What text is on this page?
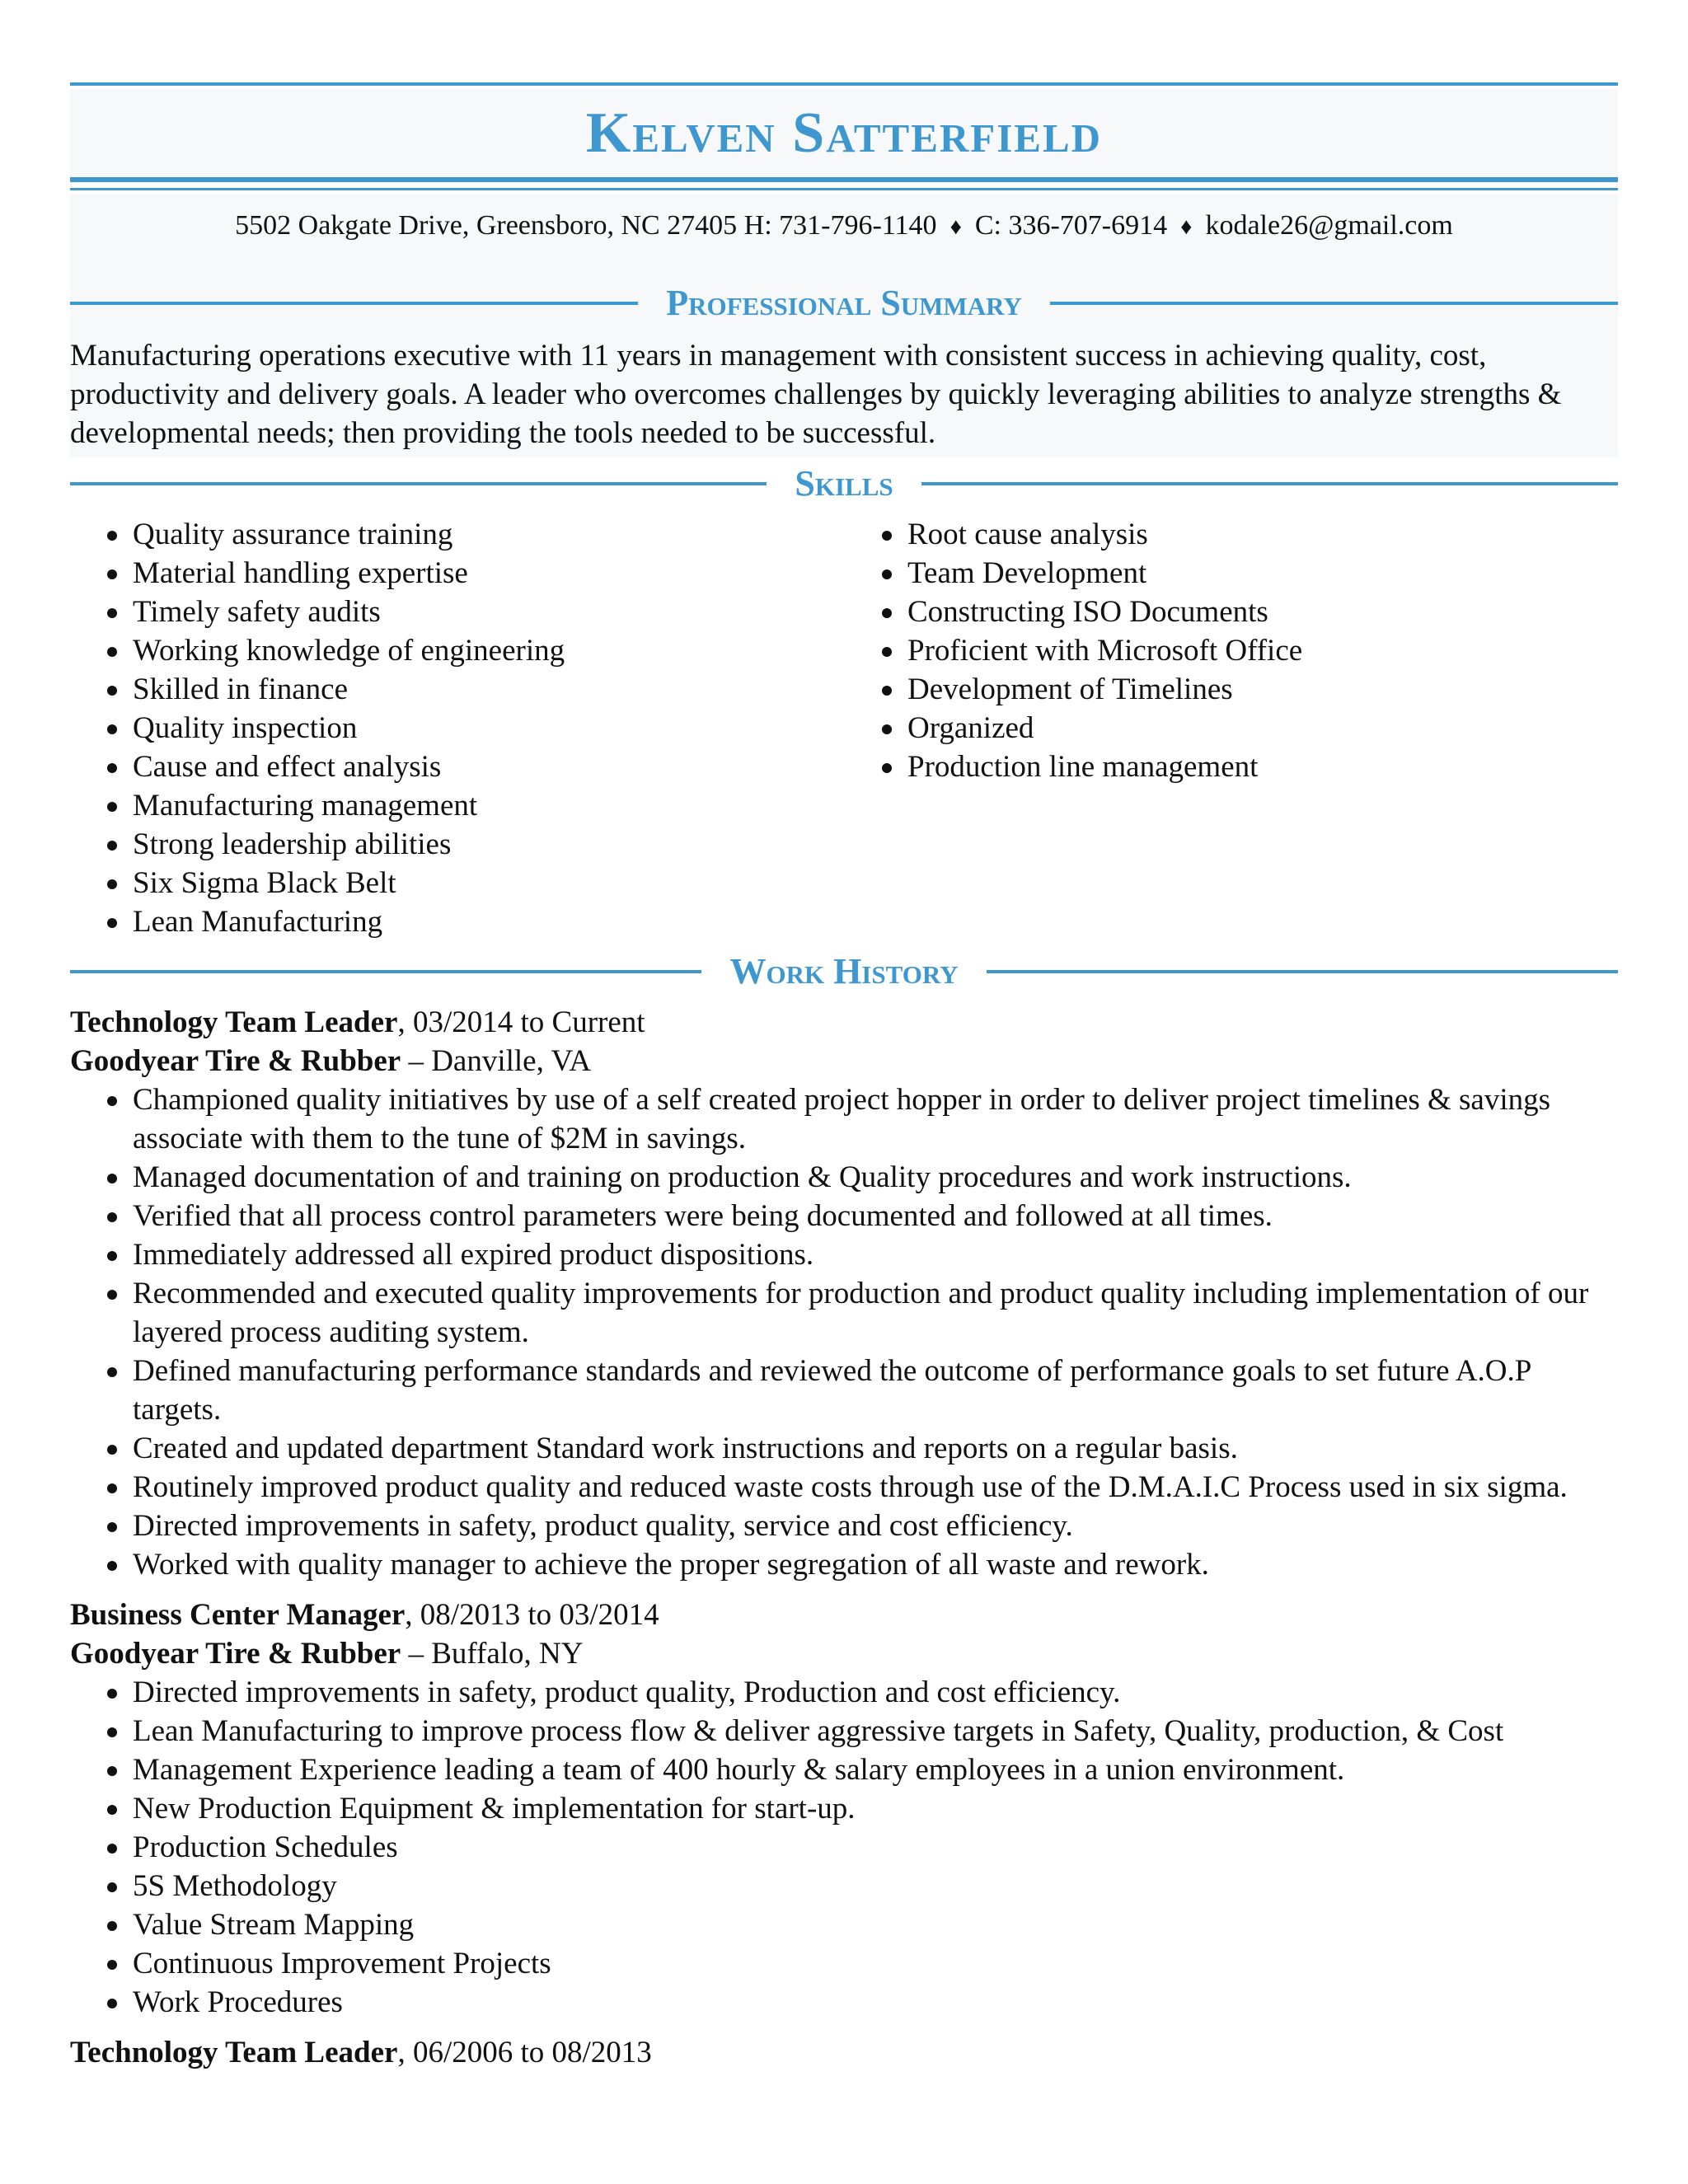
Kelven Satterfield
5502 Oakgate Drive, Greensboro, NC 27405 H: 731-796-1140 ♦ C: 336-707-6914 ♦ kodale26@gmail.com
Professional Summary

Manufacturing operations executive with 11 years in management with consistent success in achieving quality, cost, productivity and delivery goals. A leader who overcomes challenges by quickly leveraging abilities to analyze strengths & developmental needs; then providing the tools needed to be successful.

Skills
Quality assurance training
Material handling expertise
Timely safety audits
Working knowledge of engineering
Skilled in finance
Quality inspection
Cause and effect analysis
Manufacturing management
Strong leadership abilities
Six Sigma Black Belt
Lean Manufacturing
Root cause analysis
Team Development
Constructing ISO Documents
Proficient with Microsoft Office
Development of Timelines
Organized
Production line management
Work History

Technology Team Leader, 03/2014 to Current

Goodyear Tire & Rubber – Danville, VA

Championed quality initiatives by use of a self created project hopper in order to deliver project timelines & savings associate with them to the tune of $2M in savings.
Managed documentation of and training on production & Quality procedures and work instructions.
Verified that all process control parameters were being documented and followed at all times.
Immediately addressed all expired product dispositions.
Recommended and executed quality improvements for production and product quality including implementation of our layered process auditing system.
Defined manufacturing performance standards and reviewed the outcome of performance goals to set future A.O.P targets.
Created and updated department Standard work instructions and reports on a regular basis.
Routinely improved product quality and reduced waste costs through use of the D.M.A.I.C Process used in six sigma.
Directed improvements in safety, product quality, service and cost efficiency.
Worked with quality manager to achieve the proper segregation of all waste and rework.

Business Center Manager, 08/2013 to 03/2014

Goodyear Tire & Rubber – Buffalo, NY

Directed improvements in safety, product quality, Production and cost efficiency.
Lean Manufacturing to improve process flow & deliver aggressive targets in Safety, Quality, production, & Cost
Management Experience leading a team of 400 hourly & salary employees in a union environment.
New Production Equipment & implementation for start-up.
Production Schedules
5S Methodology
Value Stream Mapping
Continuous Improvement Projects
Work Procedures

Technology Team Leader, 06/2006 to 08/2013
